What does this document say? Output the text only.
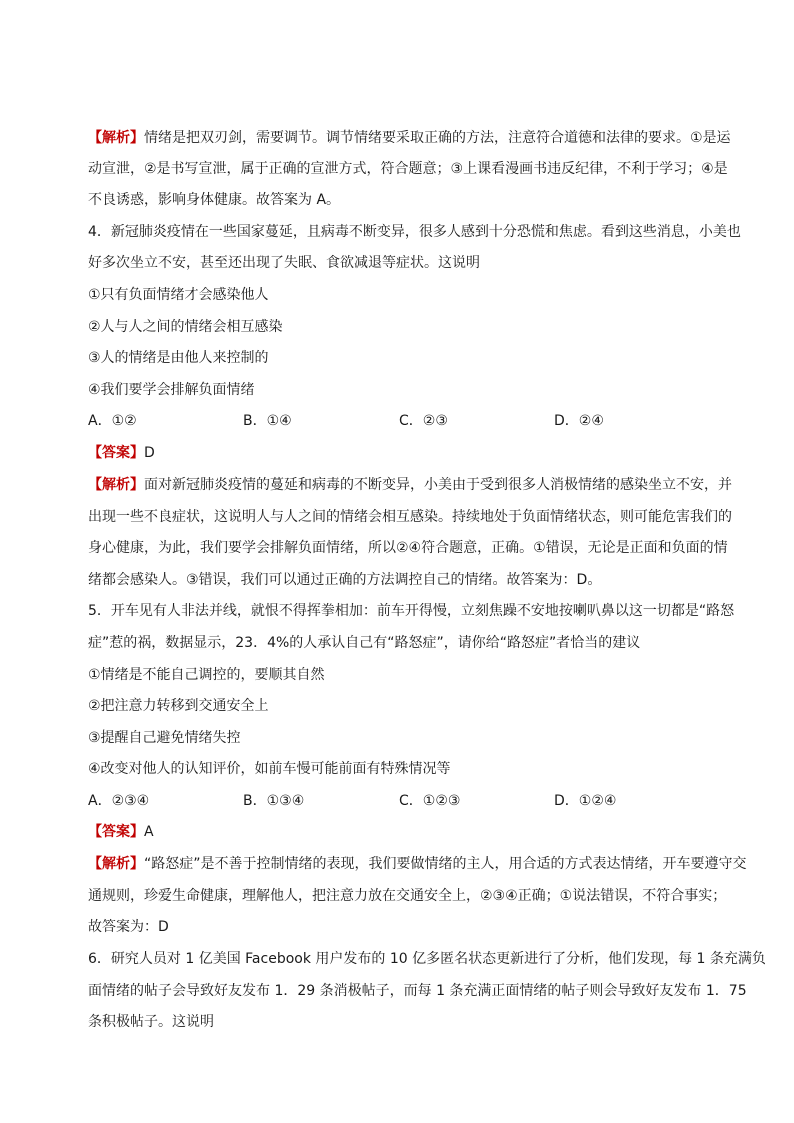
【解析】情绪是把双刃剑，需要调节。调节情绪要采取正确的方法，注意符合道德和法律的要求。①是运
动宣泄，②是书写宣泄，属于正确的宣泄方式，符合题意；③上课看漫画书违反纪律，不利于学习；④是
不良诱惑，影响身体健康。故答案为 A。
4．新冠肺炎疫情在一些国家蔓延，且病毒不断变异，很多人感到十分恐慌和焦虑。看到这些消息，小美也
好多次坐立不安，甚至还出现了失眠、食欲减退等症状。这说明
①只有负面情绪才会感染他人
②人与人之间的情绪会相互感染
③人的情绪是由他人来控制的
④我们要学会排解负面情绪
A．①②	B．①④	C．②③	D．②④
【答案】D
【解析】面对新冠肺炎疫情的蔓延和病毒的不断变异，小美由于受到很多人消极情绪的感染坐立不安，并
出现一些不良症状，这说明人与人之间的情绪会相互感染。持续地处于负面情绪状态，则可能危害我们的
身心健康，为此，我们要学会排解负面情绪，所以②④符合题意，正确。①错误，无论是正面和负面的情
绪都会感染人。③错误，我们可以通过正确的方法调控自己的情绪。故答案为：D。
5．开车见有人非法并线，就恨不得挥拳相加：前车开得慢，立刻焦躁不安地按喇叭鼻以这一切都是“路怒
症”惹的祸，数据显示，23．4%的人承认自己有“路怒症”，请你给“路怒症”者恰当的建议
①情绪是不能自己调控的，要顺其自然
②把注意力转移到交通安全上
③提醒自己避免情绪失控
④改变对他人的认知评价，如前车慢可能前面有特殊情况等
A．②③④	B．①③④	C．①②③	D．①②④
【答案】A
【解析】“路怒症”是不善于控制情绪的表现，我们要做情绪的主人，用合适的方式表达情绪，开车要遵守交
通规则，珍爱生命健康，理解他人，把注意力放在交通安全上，②③④正确；①说法错误，不符合事实；
故答案为：D
6．研究人员对 1 亿美国 Facebook 用户发布的 10 亿多匿名状态更新进行了分析，他们发现，每 1 条充满负
面情绪的帖子会导致好友发布 1．29 条消极帖子，而每 1 条充满正面情绪的帖子则会导致好友发布 1．75
条积极帖子。这说明
